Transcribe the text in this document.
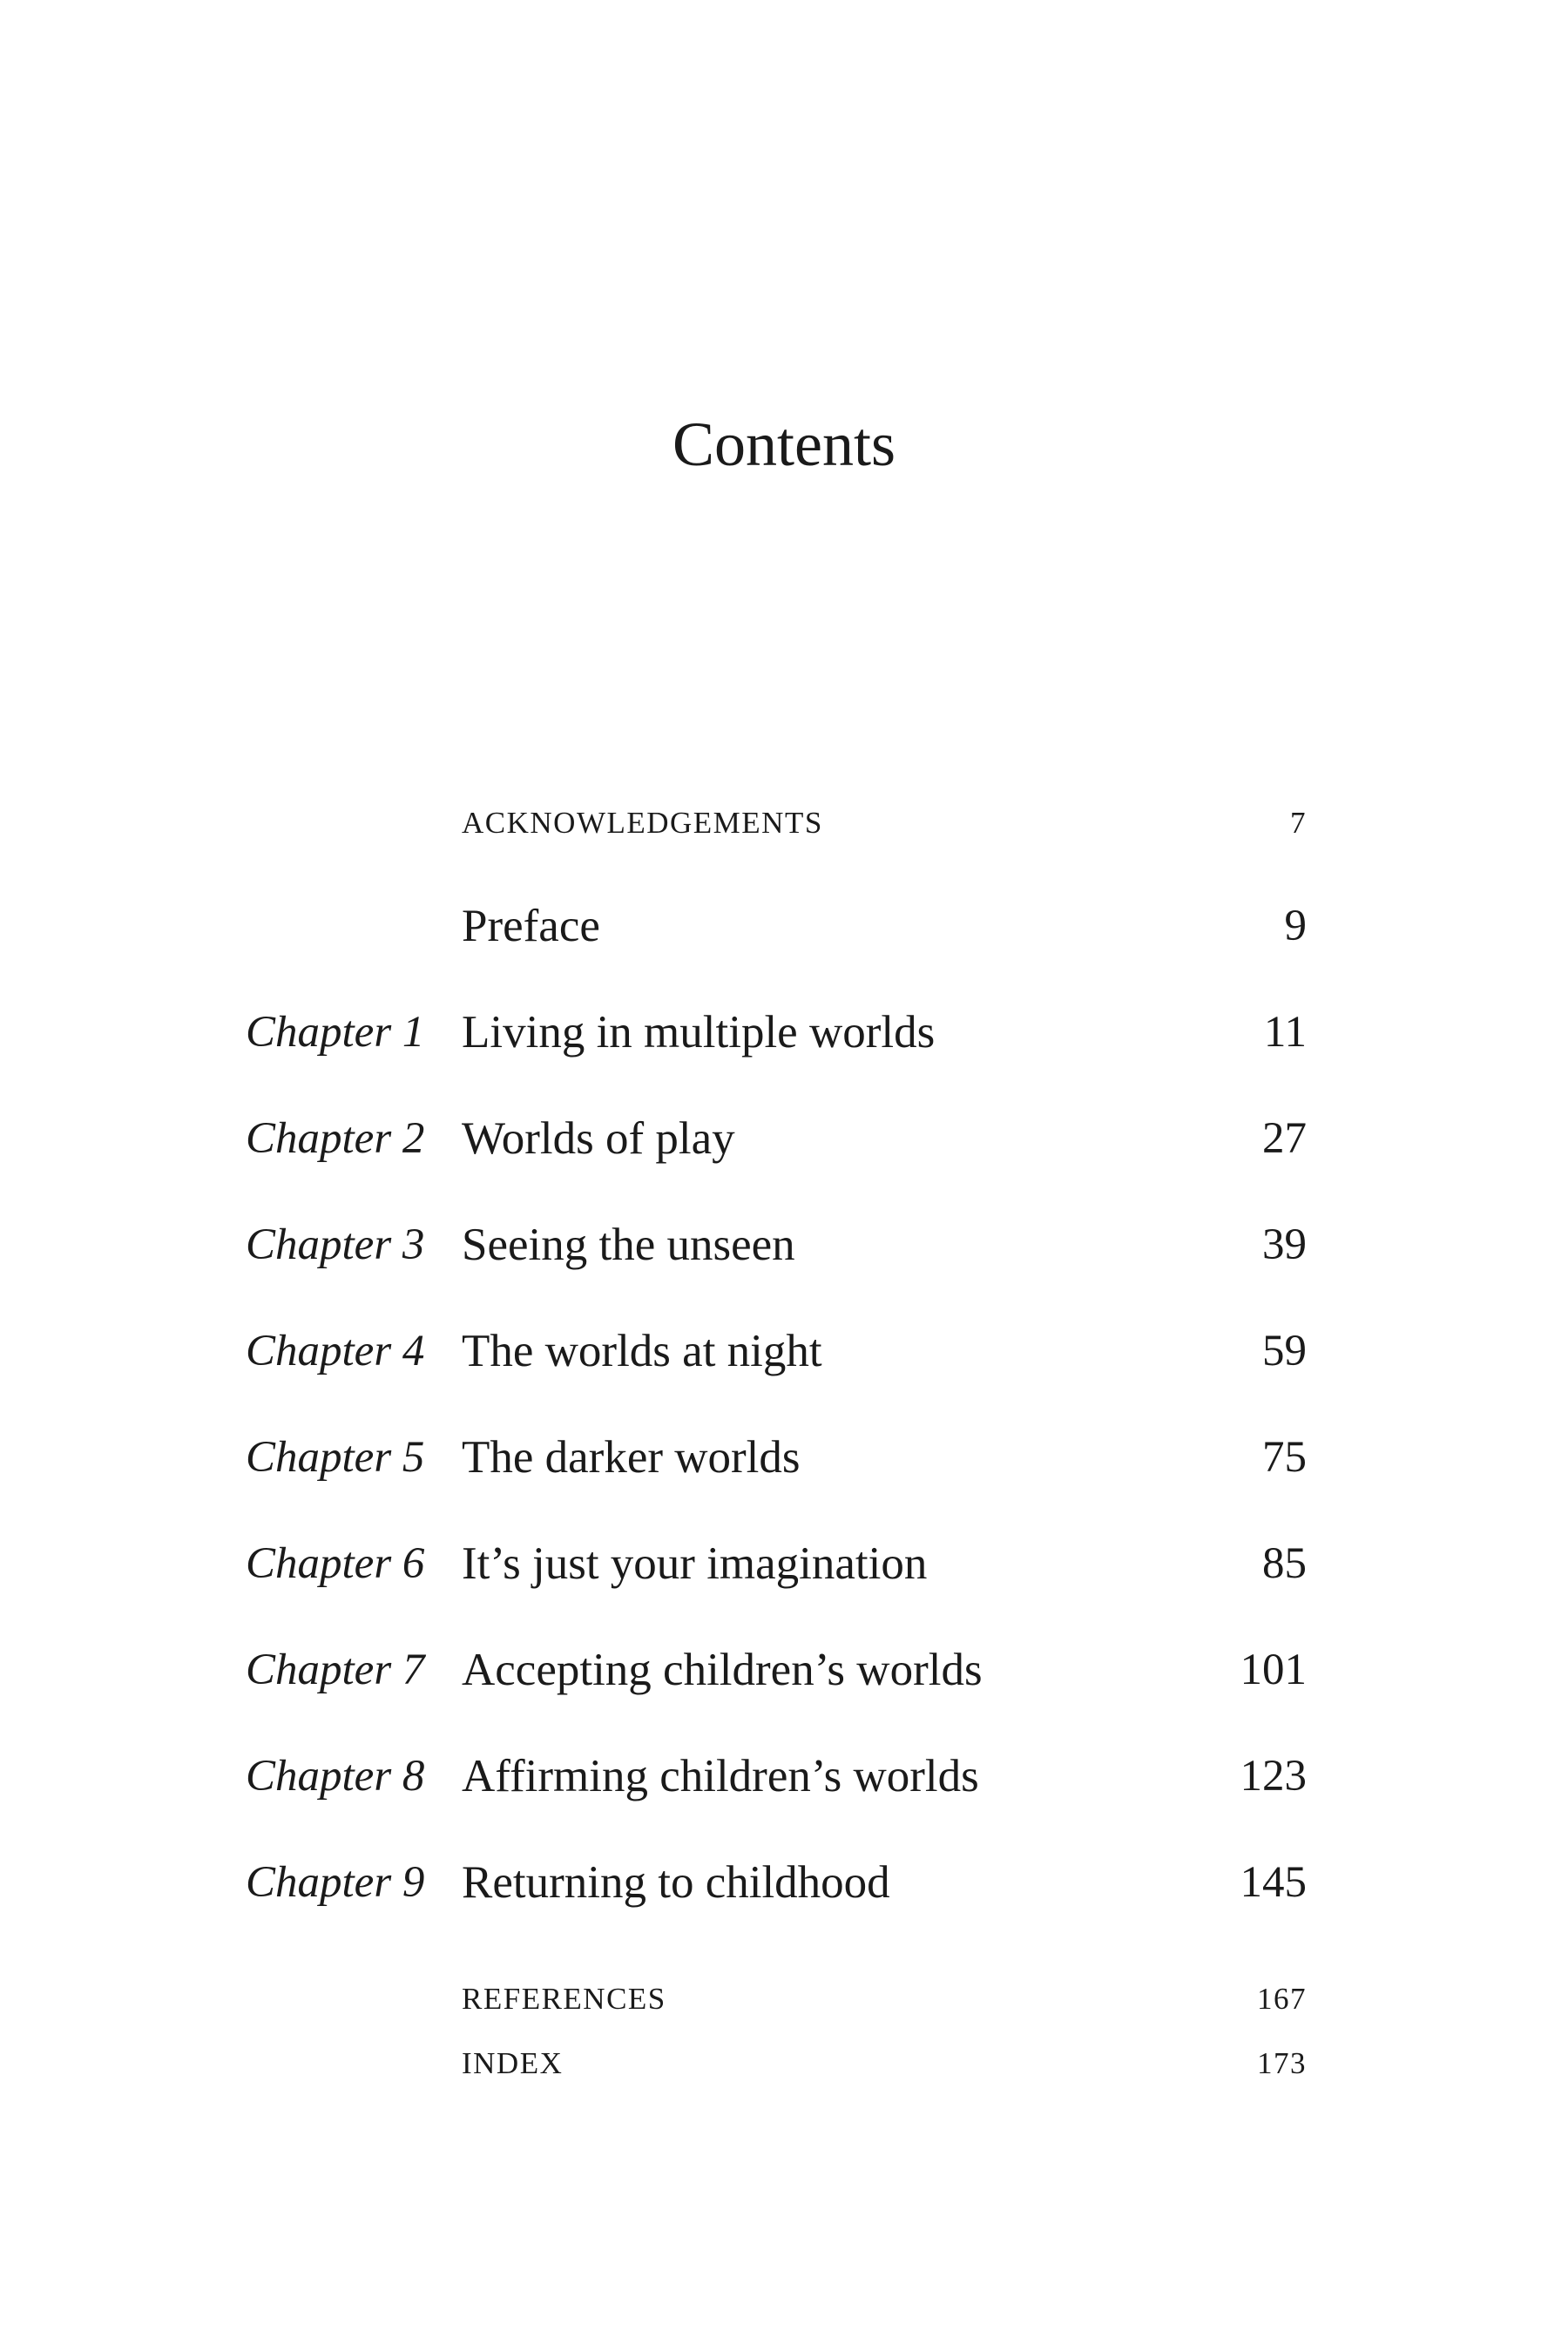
Contents
ACKNOWLEDGEMENTS	7
Preface	9
Chapter 1 Living in multiple worlds	11
Chapter 2 Worlds of play	27
Chapter 3 Seeing the unseen	39
Chapter 4 The worlds at night	59
Chapter 5 The darker worlds	75
Chapter 6 It’s just your imagination	85
Chapter 7 Accepting children’s worlds	101
Chapter 8 Affirming children’s worlds	123
Chapter 9 Returning to childhood	145
REFERENCES	167
INDEX	173
